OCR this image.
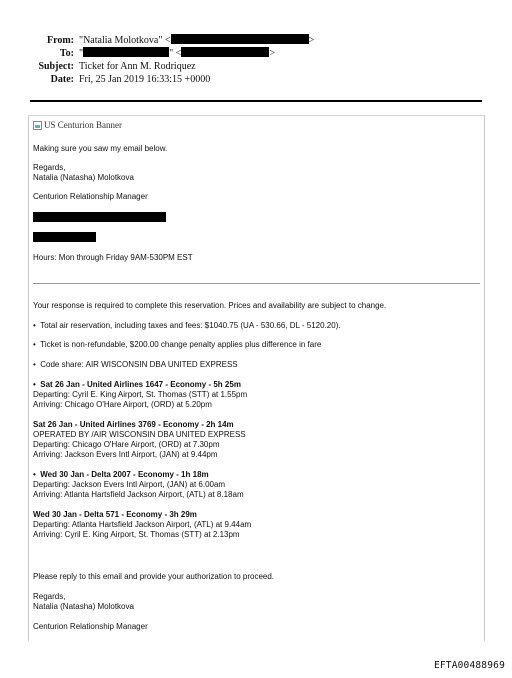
From: "Natalia Molotkova" <	>
To: "	" <	>
Subject: Ticket for Ann M. Rodriquez
Date: Fri, 25 Jan 2019 16:33:15 +0000
US Centurion Banner
Making sure you saw my email below.
Regards,
Natalia (Natasha) Molotkova
Centurion Relationship Manager
Hours: Mon through Friday 9AM-530PM EST
Your response is required to complete this reservation. Prices and availability are subject to change.
•  Total air reservation, including taxes and fees: $1040.75 (UA - 530.66, DL - 5120.20).
•  Ticket is non-refundable, $200.00 change penalty applies plus difference in fare
•  Code share: AIR WISCONSIN DBA UNITED EXPRESS
• Sat 26 Jan - United Airlines 1647 - Economy - 5h 25m
Departing: Cyril E. King Airport, St. Thomas (STT) at 1.55pm
Arriving: Chicago O'Hare Airport, (ORD) at 5.20pm
Sat 26 Jan - United Airlines 3769 - Economy - 2h 14m
OPERATED BY /AIR WISCONSIN DBA UNITED EXPRESS
Departing: Chicago O'Hare Airport, (ORD) at 7.30pm
Arriving: Jackson Evers Intl Airport, (JAN) at 9.44pm
• Wed 30 Jan - Delta 2007 - Economy - 1h 18m
Departing: Jackson Evers Intl Airport, (JAN) at 6.00am
Arriving: Atlanta Hartsfield Jackson Airport, (ATL) at 8.18am
Wed 30 Jan - Delta 571 - Economy - 3h 29m
Departing: Atlanta Hartsfield Jackson Airport, (ATL) at 9.44am
Arriving: Cyril E. King Airport, St. Thomas (STT) at 2.13pm
Please reply to this email and provide your authorization to proceed.
Regards,
Natalia (Natasha) Molotkova
Centurion Relationship Manager
EFTA00488969
